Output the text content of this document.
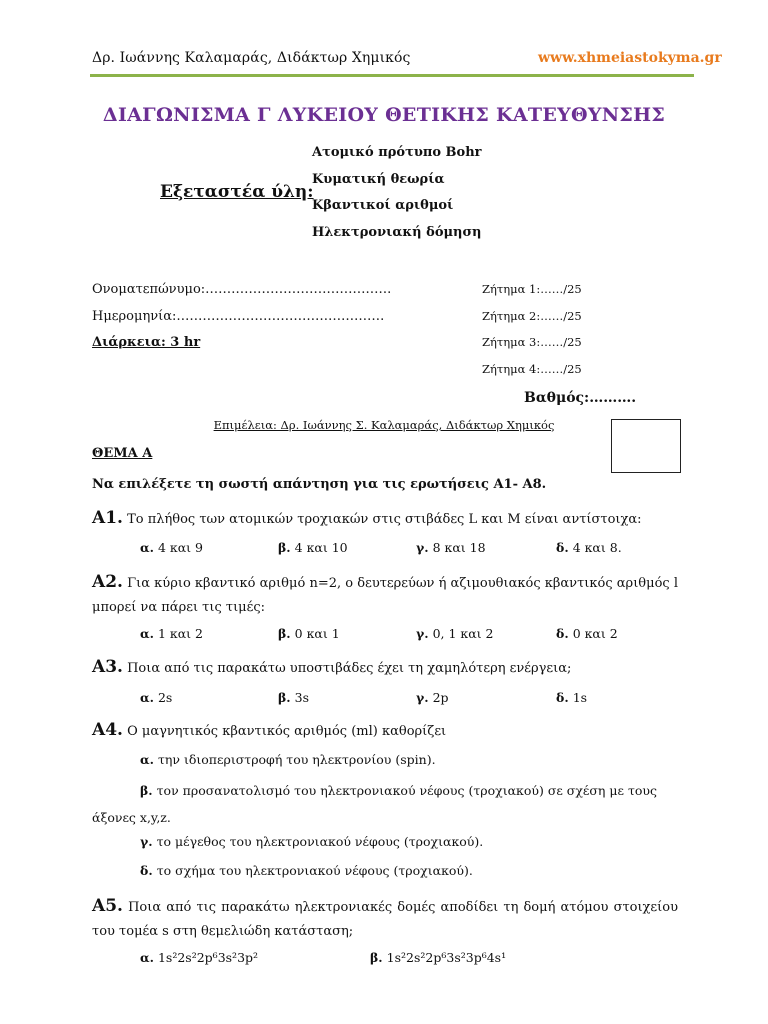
Δρ. Ιωάννης Καλαμαράς, Διδάκτωρ Χημικός	www.xhmeiastokyma.gr
ΔΙΑΓΩΝΙΣΜΑ Γ ΛΥΚΕΙΟΥ ΘΕΤΙΚΗΣ ΚΑΤΕΥΘΥΝΣΗΣ
Εξεταστέα ύλη:
Ατομικό πρότυπο Bohr
Κυματική θεωρία
Κβαντικοί αριθμοί
Ηλεκτρονιακή δόμηση
Ονοματεπώνυμο:…………………………………….
Ημερομηνία:…………………………………………
Διάρκεια: 3 hr
Ζήτημα 1:……/25
Ζήτημα 2:……/25
Ζήτημα 3:……/25
Ζήτημα 4:……/25
Βαθμός:……….
Επιμέλεια: Δρ. Ιωάννης Σ. Καλαμαράς, Διδάκτωρ Χημικός
ΘΕΜΑ Α
Να επιλέξετε τη σωστή απάντηση για τις ερωτήσεις Α1- Α8.
Α1. Το πλήθος των ατομικών τροχιακών στις στιβάδες L και M είναι αντίστοιχα:
α. 4 και 9	β. 4 και 10	γ. 8 και 18	δ. 4 και 8.
Α2. Για κύριο κβαντικό αριθμό n=2, ο δευτερεύων ή αζιμουθιακός κβαντικός αριθμός l μπορεί να πάρει τις τιμές:
α. 1 και 2	β. 0 και 1	γ. 0, 1 και 2	δ. 0 και 2
Α3. Ποια από τις παρακάτω υποστιβάδες έχει τη χαμηλότερη ενέργεια;
α. 2s	β. 3s	γ. 2p	δ. 1s
Α4. Ο μαγνητικός κβαντικός αριθμός (ml) καθορίζει
α. την ιδιοπεριστροφή του ηλεκτρονίου (spin).
β. τον προσανατολισμό του ηλεκτρονιακού νέφους (τροχιακού) σε σχέση με τους άξονες x,y,z.
γ. το μέγεθος του ηλεκτρονιακού νέφους (τροχιακού).
δ. το σχήμα του ηλεκτρονιακού νέφους (τροχιακού).
Α5. Ποια από τις παρακάτω ηλεκτρονιακές δομές αποδίδει τη δομή ατόμου στοιχείου του τομέα s στη θεμελιώδη κατάσταση;
α. 1s²2s²2p⁶3s²3p²	β. 1s²2s²2p⁶3s²3p⁶4s¹
